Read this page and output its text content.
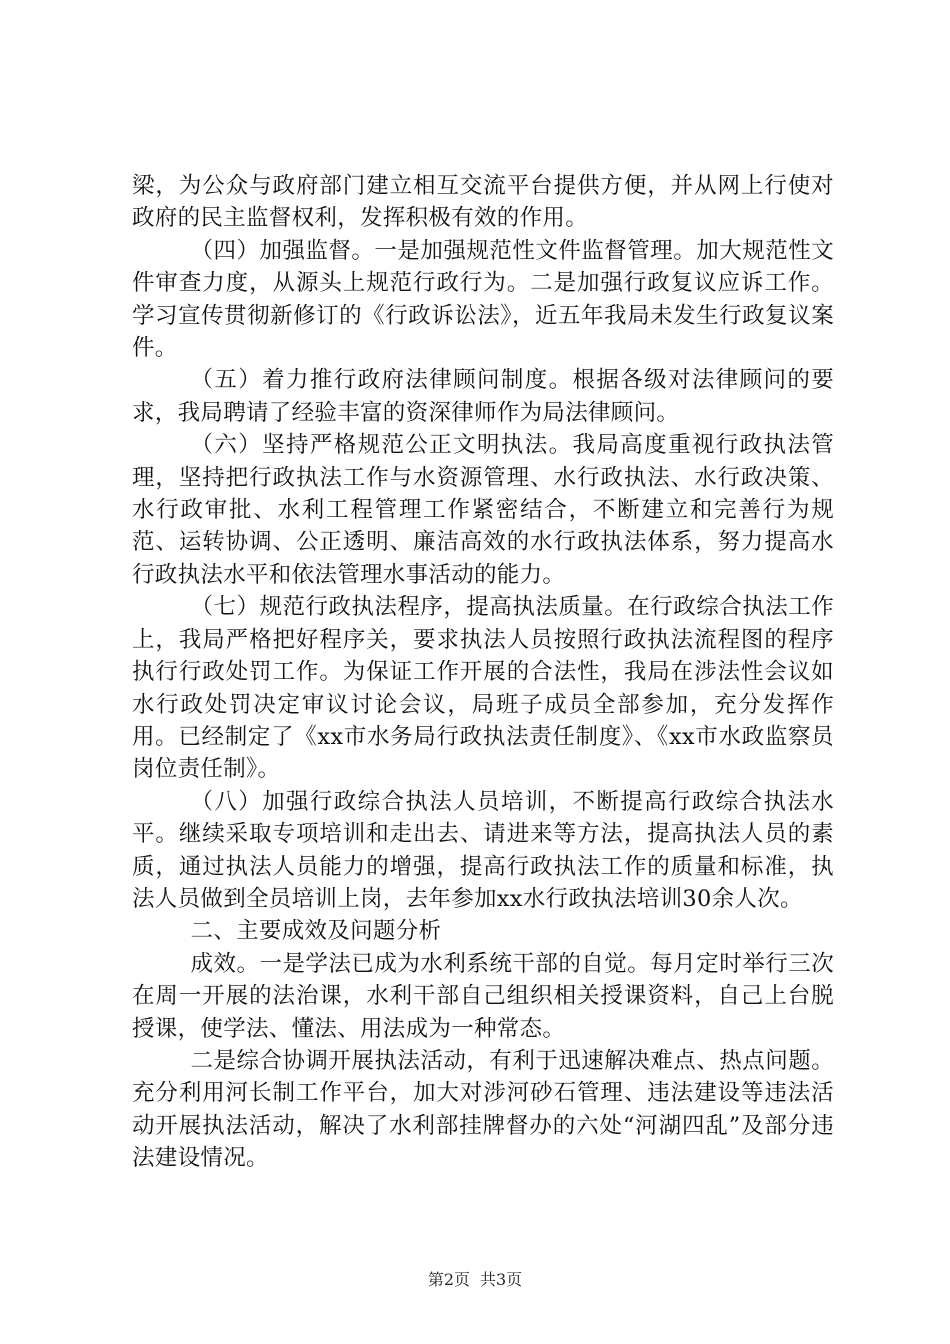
梁，为公众与政府部门建立相互交流平台提供方便，并从网上行使对政府的民主监督权利，发挥积极有效的作用。

（四）加强监督。一是加强规范性文件监督管理。加大规范性文件审查力度，从源头上规范行政行为。二是加强行政复议应诉工作。学习宣传贯彻新修订的《行政诉讼法》，近五年我局未发生行政复议案件。

（五）着力推行政府法律顾问制度。根据各级对法律顾问的要求，我局聘请了经验丰富的资深律师作为局法律顾问。

（六）坚持严格规范公正文明执法。我局高度重视行政执法管理，坚持把行政执法工作与水资源管理、水行政执法、水行政决策、水行政审批、水利工程管理工作紧密结合，不断建立和完善行为规范、运转协调、公正透明、廉洁高效的水行政执法体系，努力提高水行政执法水平和依法管理水事活动的能力。

（七）规范行政执法程序，提高执法质量。在行政综合执法工作上，我局严格把好程序关，要求执法人员按照行政执法流程图的程序执行行政处罚工作。为保证工作开展的合法性，我局在涉法性会议如水行政处罚决定审议讨论会议，局班子成员全部参加，充分发挥作用。已经制定了《xx市水务局行政执法责任制度》、《xx市水政监察员岗位责任制》。

（八）加强行政综合执法人员培训，不断提高行政综合执法水平。继续采取专项培训和走出去、请进来等方法，提高执法人员的素质，通过执法人员能力的增强，提高行政执法工作的质量和标准，执法人员做到全员培训上岗，去年参加xx水行政执法培训30余人次。

二、主要成效及问题分析

成效。一是学法已成为水利系统干部的自觉。每月定时举行三次在周一开展的法治课，水利干部自己组织相关授课资料，自己上台脱授课，使学法、懂法、用法成为一种常态。

二是综合协调开展执法活动，有利于迅速解决难点、热点问题。充分利用河长制工作平台，加大对涉河砂石管理、违法建设等违法活动开展执法活动，解决了水利部挂牌督办的六处“河湖四乱”及部分违法建设情况。

第2页 共3页
